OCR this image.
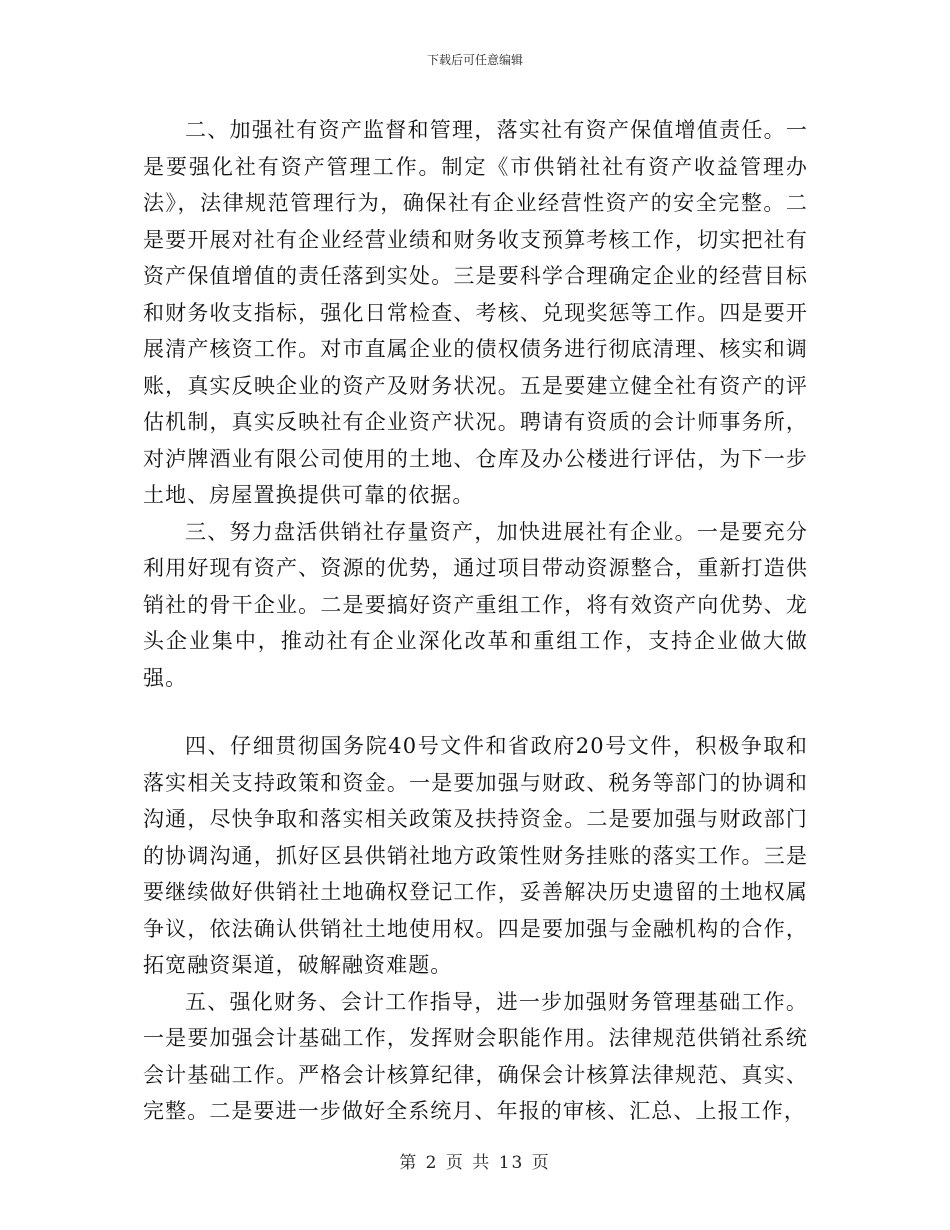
下载后可任意编辑

二、加强社有资产监督和管理，落实社有资产保值增值责任。一是要强化社有资产管理工作。制定《市供销社社有资产收益管理办法》，法律规范管理行为，确保社有企业经营性资产的安全完整。二是要开展对社有企业经营业绩和财务收支预算考核工作，切实把社有资产保值增值的责任落到实处。三是要科学合理确定企业的经营目标和财务收支指标，强化日常检查、考核、兑现奖惩等工作。四是要开展清产核资工作。对市直属企业的债权债务进行彻底清理、核实和调账，真实反映企业的资产及财务状况。五是要建立健全社有资产的评估机制，真实反映社有企业资产状况。聘请有资质的会计师事务所，对泸牌酒业有限公司使用的土地、仓库及办公楼进行评估，为下一步土地、房屋置换提供可靠的依据。

三、努力盘活供销社存量资产，加快进展社有企业。一是要充分利用好现有资产、资源的优势，通过项目带动资源整合，重新打造供销社的骨干企业。二是要搞好资产重组工作，将有效资产向优势、龙头企业集中，推动社有企业深化改革和重组工作，支持企业做大做强。

四、仔细贯彻国务院40号文件和省政府20号文件，积极争取和落实相关支持政策和资金。一是要加强与财政、税务等部门的协调和沟通，尽快争取和落实相关政策及扶持资金。二是要加强与财政部门的协调沟通，抓好区县供销社地方政策性财务挂账的落实工作。三是要继续做好供销社土地确权登记工作，妥善解决历史遗留的土地权属争议，依法确认供销社土地使用权。四是要加强与金融机构的合作，拓宽融资渠道，破解融资难题。

五、强化财务、会计工作指导，进一步加强财务管理基础工作。一是要加强会计基础工作，发挥财会职能作用。法律规范供销社系统会计基础工作。严格会计核算纪律，确保会计核算法律规范、真实、完整。二是要进一步做好全系统月、年报的审核、汇总、上报工作，

第 2 页 共 13 页
